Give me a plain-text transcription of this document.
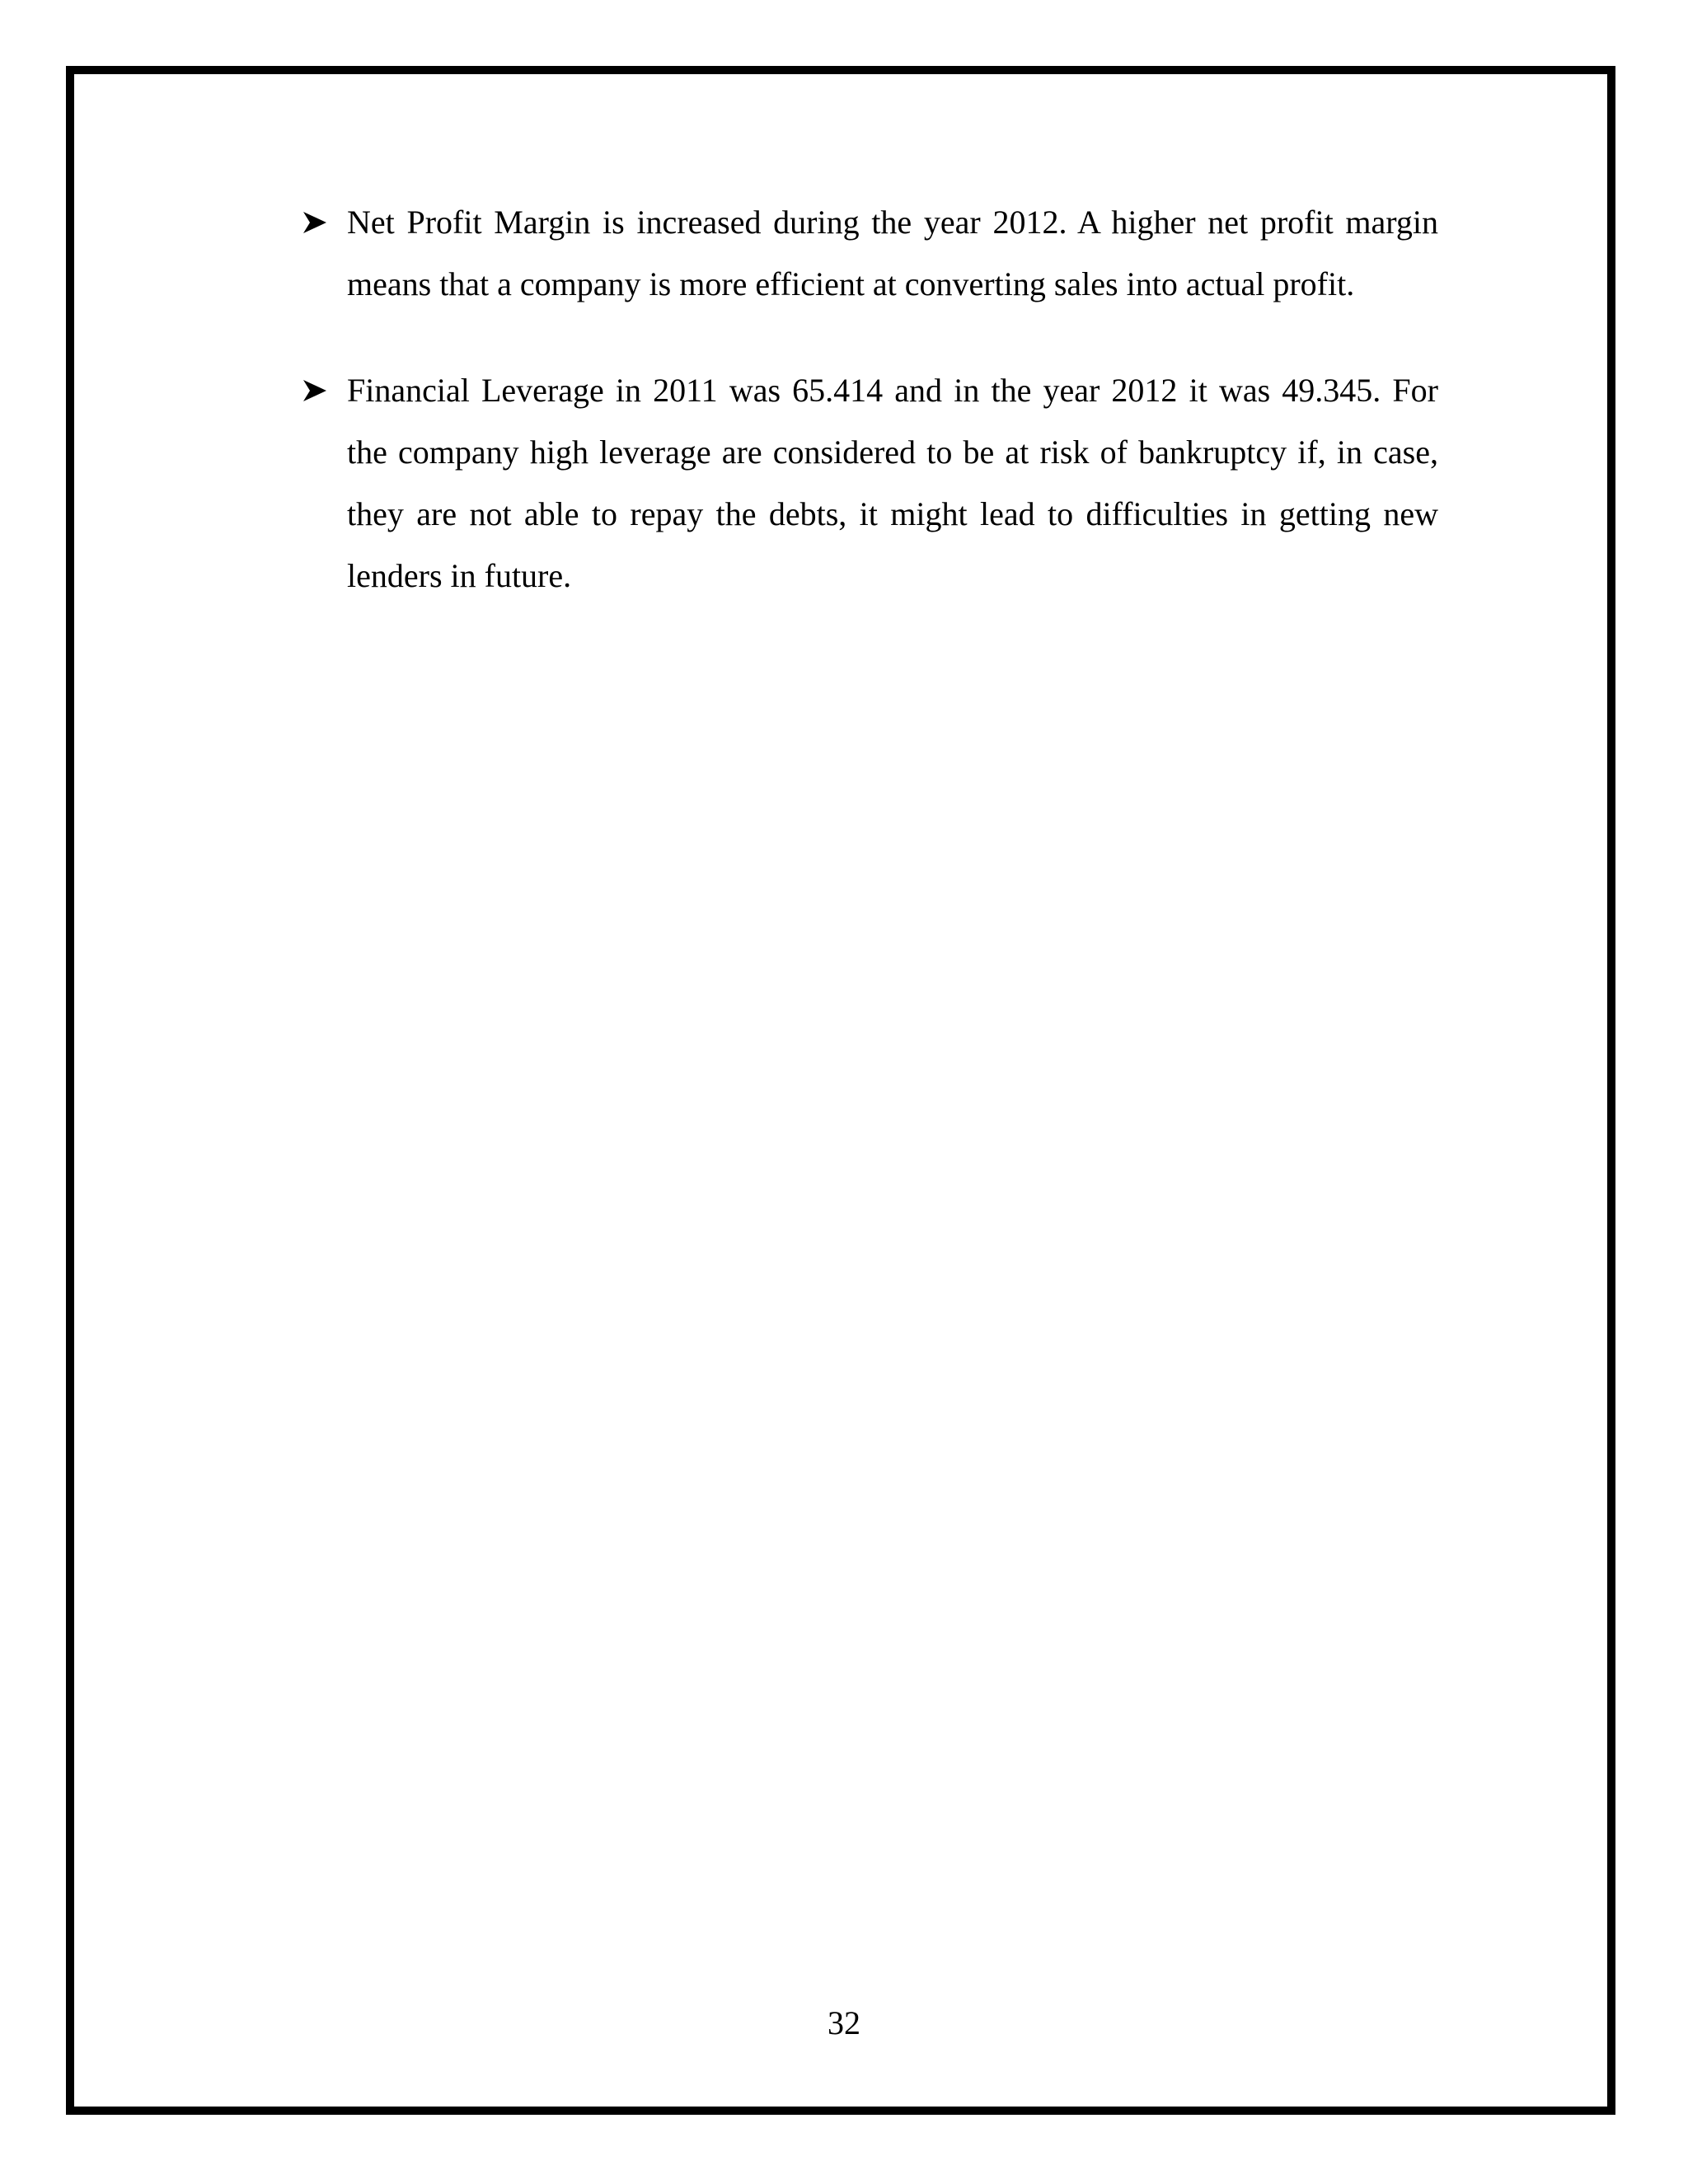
Net Profit Margin is increased during the year 2012. A higher net profit margin means that a company is more efficient at converting sales into actual profit.
Financial Leverage in 2011 was 65.414 and in the year 2012 it was 49.345. For the company high leverage are considered to be at risk of bankruptcy if, in case, they are not able to repay the debts, it might lead to difficulties in getting new lenders in future.
32
